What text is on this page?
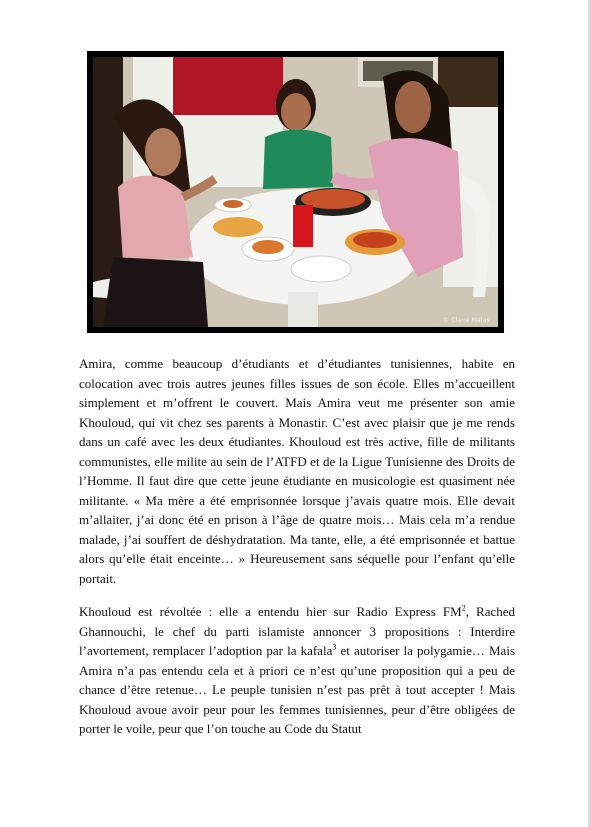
© Claire Malas

Amira, comme beaucoup d’étudiants et d’étudiantes tunisiennes, habite en colocation avec trois autres jeunes filles issues de son école. Elles m’accueillent simplement et m’offrent le couvert. Mais Amira veut me présenter son amie Khouloud, qui vit chez ses parents à Monastir. C’est avec plaisir que je me rends dans un café avec les deux étudiantes. Khouloud est très active, fille de militants communistes, elle milite au sein de l’ATFD et de la Ligue Tunisienne des Droits de l’Homme. Il faut dire que cette jeune étudiante en musicologie est quasiment née militante. « Ma mère a été emprisonnée lorsque j’avais quatre mois. Elle devait m’allaiter, j’ai donc été en prison à l’âge de quatre mois… Mais cela m’a rendue malade, j’ai souffert de déshydratation. Ma tante, elle, a été emprisonnée et battue alors qu’elle était enceinte… » Heureusement sans séquelle pour l’enfant qu’elle portait.

Khouloud est révoltée : elle a entendu hier sur Radio Express $FM^2$, Rached Ghannouchi, le chef du parti islamiste annoncer 3 propositions : Interdire l’avortement, remplacer l’adoption par la kafala$^3$ et autoriser la polygamie… Mais Amira n’a pas entendu cela et à priori ce n’est qu’une proposition qui a peu de chance d’être retenue… Le peuple tunisien n’est pas prêt à tout accepter ! Mais Khouloud avoue avoir peur pour les femmes tunisiennes, peur d’être obligées de porter le voile, peur que l’on touche au Code du Statut
